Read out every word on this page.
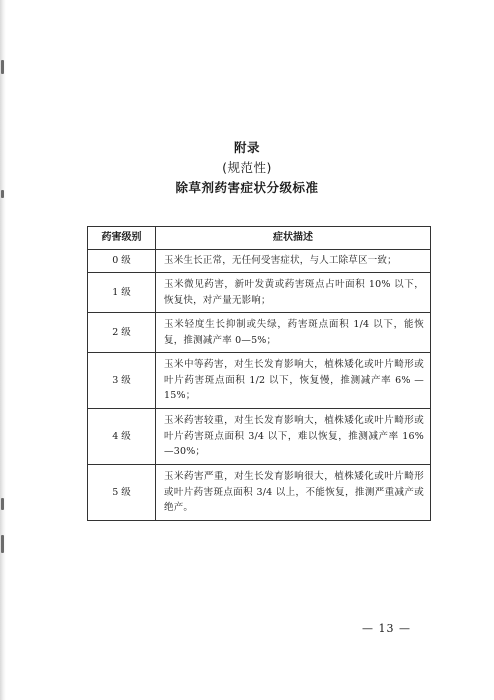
附录
(规范性)
除草剂药害症状分级标准
药害级别	症状描述
0 级	玉米生长正常，无任何受害症状，与人工除草区一致；
1 级	玉米微见药害，新叶发黄或药害斑点占叶面积 10% 以下，恢复快，对产量无影响；
2 级	玉米轻度生长抑制或失绿，药害斑点面积 1/4 以下，能恢复，推测减产率 0—5%；
3 级	玉米中等药害，对生长发育影响大，植株矮化或叶片畸形或叶片药害斑点面积 1/2 以下，恢复慢，推测减产率 6% —15%；
4 级	玉米药害较重，对生长发育影响大，植株矮化或叶片畸形或叶片药害斑点面积 3/4 以下，难以恢复，推测减产率 16% —30%；
5 级	玉米药害严重，对生长发育影响很大，植株矮化或叶片畸形或叶片药害斑点面积 3/4 以上，不能恢复，推测严重减产或绝产。
— 13 —
